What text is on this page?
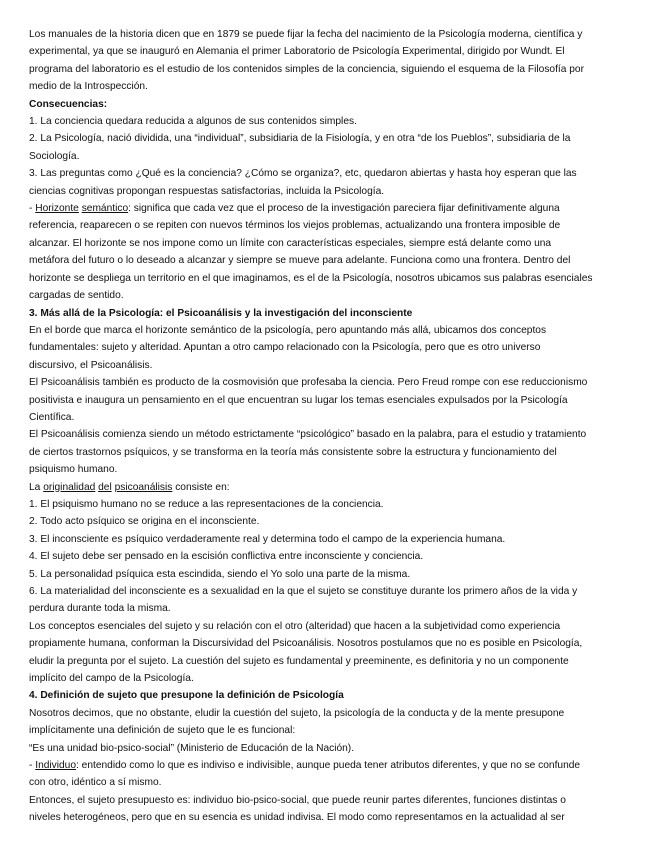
Los manuales de la historia dicen que en 1879 se puede fijar la fecha del nacimiento de la Psicología moderna, científica y

experimental, ya que se inauguró en Alemania el primer Laboratorio de Psicología Experimental, dirigido por Wundt. El

programa del laboratorio es el estudio de los contenidos simples de la conciencia, siguiendo el esquema de la Filosofía por

medio de la Introspección.

Consecuencias:

1. La conciencia quedara reducida a algunos de sus contenidos simples.

2. La Psicología, nació dividida, una “individual”, subsidiaria de la Fisiología, y en otra “de los Pueblos”, subsidiaria de la

Sociología.

3. Las preguntas como ¿Qué es la conciencia? ¿Cómo se organiza?, etc, quedaron abiertas y hasta hoy esperan que las

ciencias cognitivas propongan respuestas satisfactorias, incluida la Psicología.

- Horizonte semántico: significa que cada vez que el proceso de la investigación pareciera fijar definitivamente alguna

referencia, reaparecen o se repiten con nuevos términos los viejos problemas, actualizando una frontera imposible de

alcanzar. El horizonte se nos impone como un límite con características especiales, siempre está delante como una

metáfora del futuro o lo deseado a alcanzar y siempre se mueve para adelante. Funciona como una frontera. Dentro del

horizonte se despliega un territorio en el que imaginamos, es el de la Psicología, nosotros ubicamos sus palabras esenciales

cargadas de sentido.

3. Más allá de la Psicología: el Psicoanálisis y la investigación del inconsciente

En el borde que marca el horizonte semántico de la psicología, pero apuntando más allá, ubicamos dos conceptos

fundamentales: sujeto y alteridad. Apuntan a otro campo relacionado con la Psicología, pero que es otro universo

discursivo, el Psicoanálisis.

El Psicoanálisis también es producto de la cosmovisión que profesaba la ciencia. Pero Freud rompe con ese reduccionismo

positivista e inaugura un pensamiento en el que encuentran su lugar los temas esenciales expulsados por la Psicología

Científica.

El Psicoanálisis comienza siendo un método estrictamente “psicológico” basado en la palabra, para el estudio y tratamiento

de ciertos trastornos psíquicos, y se transforma en la teoría más consistente sobre la estructura y funcionamiento del

psiquismo humano.

La originalidad del psicoanálisis consiste en:

1. El psiquismo humano no se reduce a las representaciones de la conciencia.

2. Todo acto psíquico se origina en el inconsciente.

3. El inconsciente es psíquico verdaderamente real y determina todo el campo de la experiencia humana.

4. El sujeto debe ser pensado en la escisión conflictiva entre inconsciente y conciencia.

5. La personalidad psíquica esta escindida, siendo el Yo solo una parte de la misma.

6. La materialidad del inconsciente es a sexualidad en la que el sujeto se constituye durante los primero años de la vida y

perdura durante toda la misma.

Los conceptos esenciales del sujeto y su relación con el otro (alteridad) que hacen a la subjetividad como experiencia

propiamente humana, conforman la Discursividad del Psicoanálisis. Nosotros postulamos que no es posible en Psicología,

eludir la pregunta por el sujeto. La cuestión del sujeto es fundamental y preeminente, es definitoria y no un componente

implícito del campo de la Psicología.

4. Definición de sujeto que presupone la definición de Psicología

Nosotros decimos, que no obstante, eludir la cuestión del sujeto, la psicología de la conducta y de la mente presupone

implícitamente una definición de sujeto que le es funcional:

“Es una unidad bio-psico-social” (Ministerio de Educación de la Nación).

- Individuo: entendido como lo que es indiviso e indivisible, aunque pueda tener atributos diferentes, y que no se confunde

con otro, idéntico a sí mismo.

Entonces, el sujeto presupuesto es: individuo bio-psico-social, que puede reunir partes diferentes, funciones distintas o

niveles heterogéneos, pero que en su esencia es unidad indivisa. El modo como representamos en la actualidad al ser
